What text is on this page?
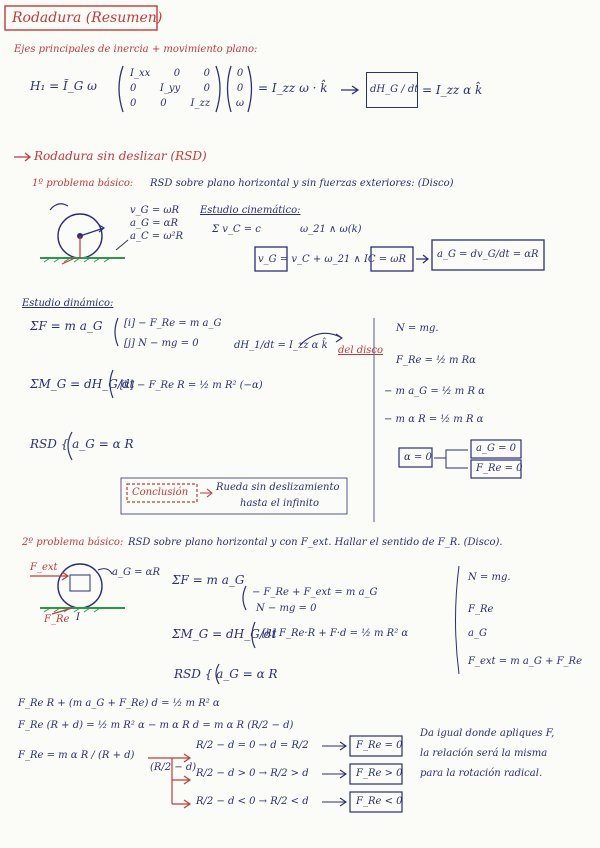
Rodadura (Resumen)
Ejes principales de inercia + movimiento plano:
H₁ = Ĩ_G ω
I_xx 0 0
0 I_yy 0
0 0 I_zz
0
0
ω
= I_zz ω · k̂	dH_G / dt = I_zz α k̂
Rodadura sin deslizar (RSD)
1º problema básico: RSD sobre plano horizontal y sin fuerzas exteriores: (Disco)
v_G = ωR
a_G = αR
a_C = ω²R
Estudio cinemático:
Σ v_C = c	ω_21 ∧ ω(k)
v_G = v_C + ω_21 ∧ IC = ωR	a_G = dv_G/dt = αR
Estudio dinámico:
ΣF = m a_G [i] − F_Re = m a_G
[j] N − mg = 0	dH_1/dt = I_zz α k̂ del disco
ΣM_G = dH_G/dt
[k] − F_Re R = ½ m R² (−α)
N = mg.
F_Re = ½ m Rα
− m a_G = ½ m R α
− m α R = ½ m R α
α = 0
a_G = 0
F_Re = 0
RSD { a_G = α R
Conclusión	Rueda sin deslizamiento
hasta el infinito
2º problema básico: RSD sobre plano horizontal y con F_ext. Hallar el sentido de F_R. (Disco).
F_ext	a_G = αR
F_Re I
ΣF = m a_G
− F_Re + F_ext = m a_G
N − mg = 0
ΣM_G = dH_G/dt
[k] F_Re·R + F·d = ½ m R² α
RSD { a_G = α R
N = mg.
F_Re
a_G
F_ext = m a_G + F_Re
F_Re R + (m a_G + F_Re) d = ½ m R² α
F_Re (R + d) = ½ m R² α − m α R d = m α R (R/2 − d)
F_Re = m α R / (R + d)
(R/2 − d)
R/2 − d = 0 → d = R/2	F_Re = 0
R/2 − d > 0 → R/2 > d	F_Re > 0
R/2 − d < 0 → R/2 < d	F_Re < 0
Da igual donde apliques F,
la relación será la misma
para la rotación radical.
